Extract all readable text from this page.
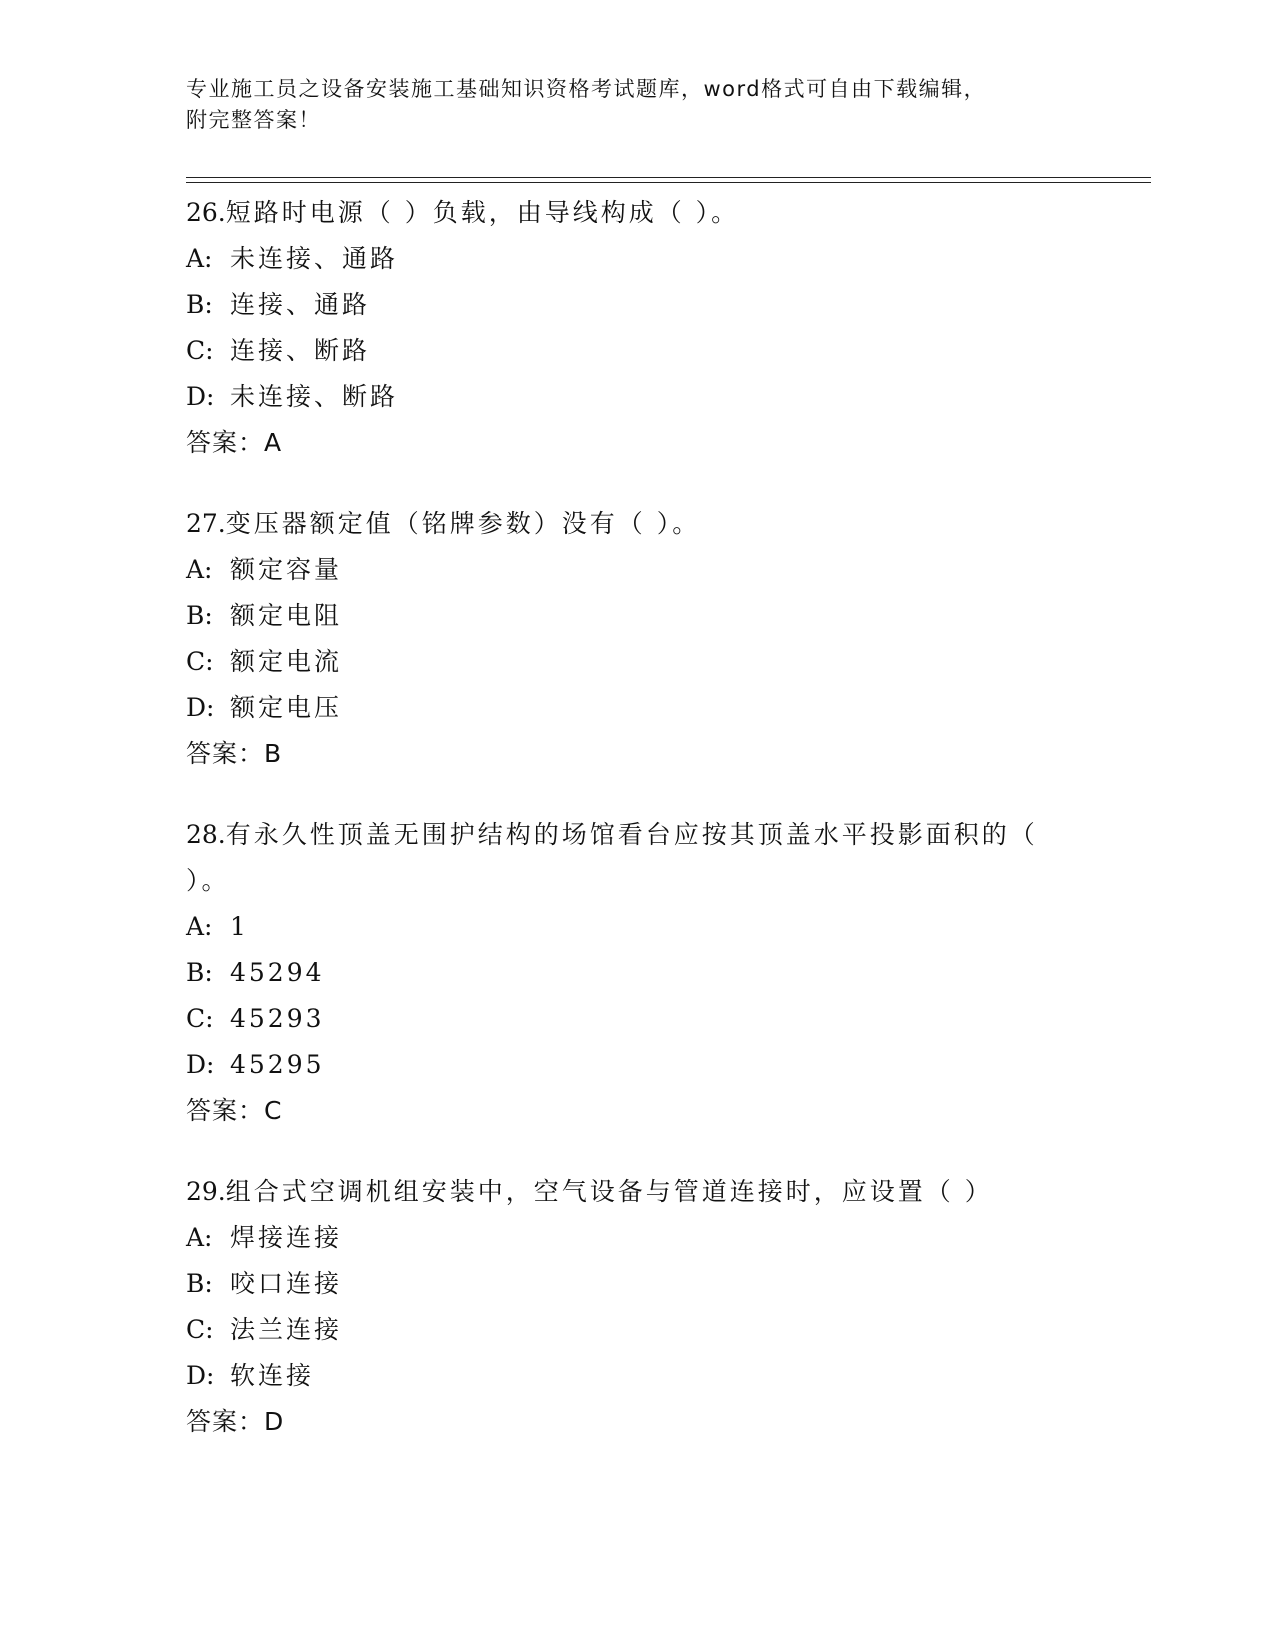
专业施工员之设备安装施工基础知识资格考试题库，word格式可自由下载编辑，
附完整答案！
26.短路时电源（ ）负载，由导线构成（ ）。
A: 未连接、通路
B: 连接、通路
C: 连接、断路
D: 未连接、断路
答案：A
27.变压器额定值（铭牌参数）没有（ ）。
A: 额定容量
B: 额定电阻
C: 额定电流
D: 额定电压
答案：B
28.有永久性顶盖无围护结构的场馆看台应按其顶盖水平投影面积的（
）。
A: 1
B: 45294
C: 45293
D: 45295
答案：C
29.组合式空调机组安装中，空气设备与管道连接时，应设置（ ）
A: 焊接连接
B: 咬口连接
C: 法兰连接
D: 软连接
答案：D
